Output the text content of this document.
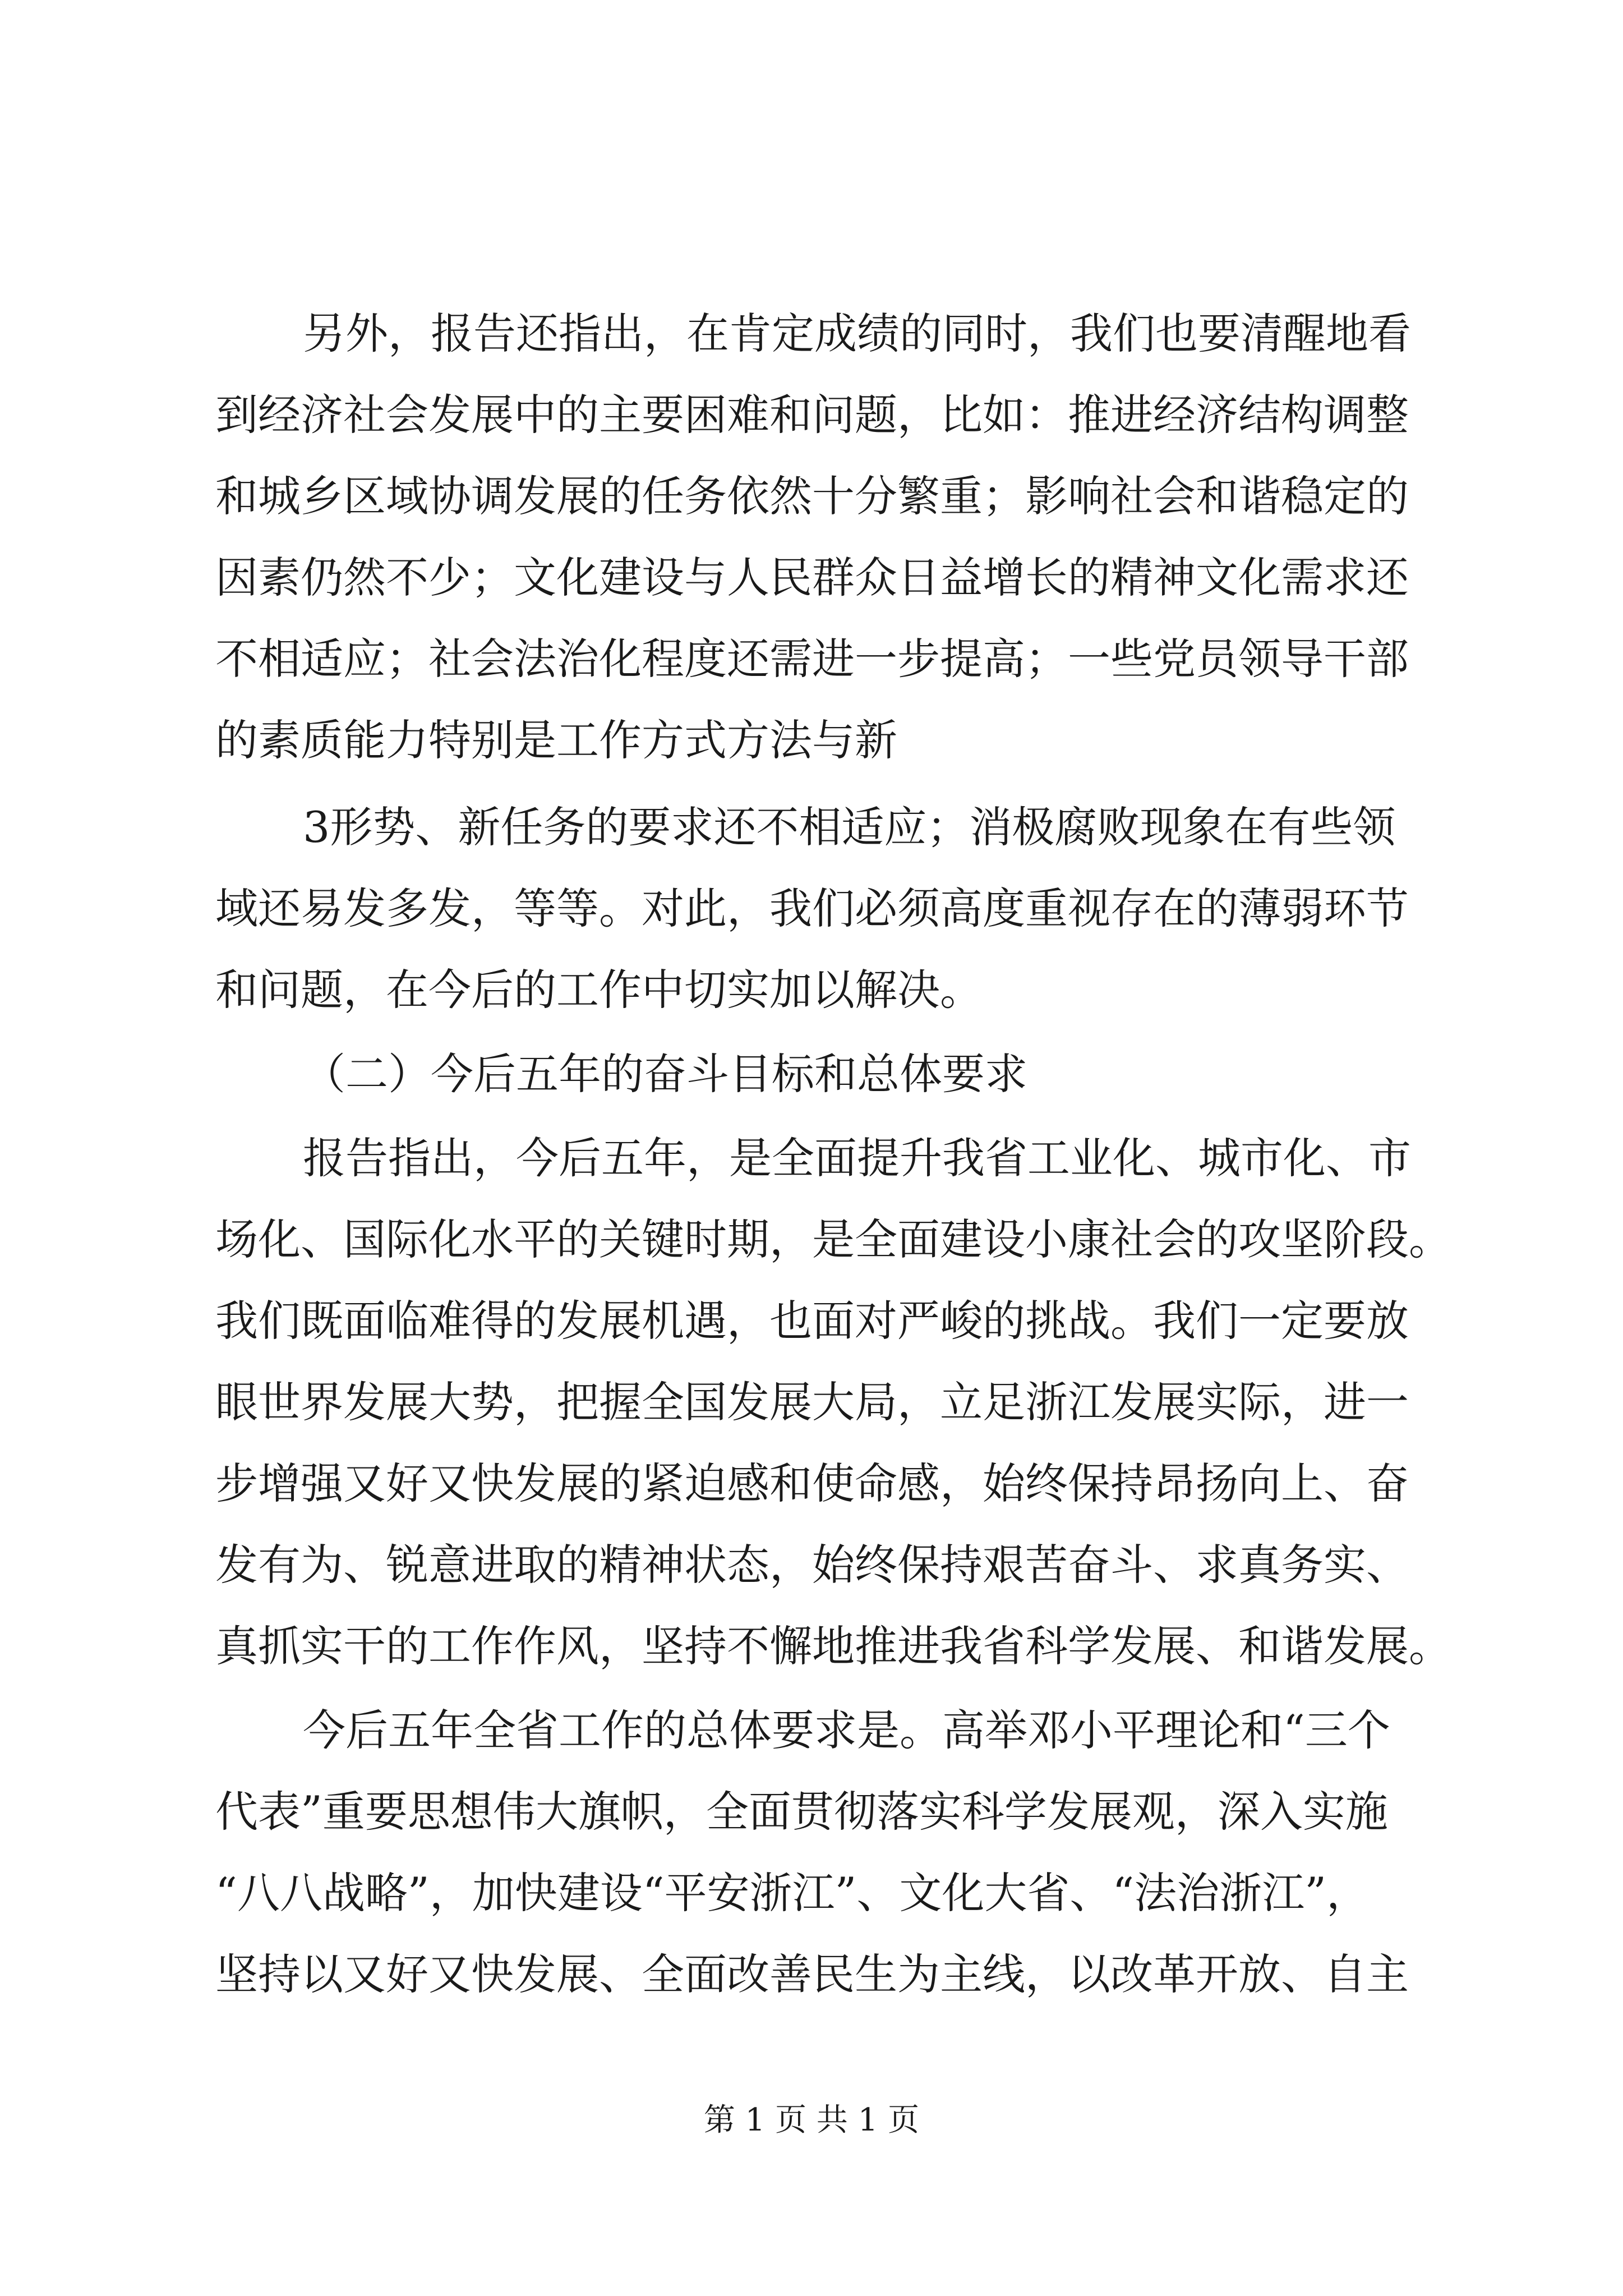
另外，报告还指出，在肯定成绩的同时，我们也要清醒地看
到经济社会发展中的主要困难和问题，比如：推进经济结构调整
和城乡区域协调发展的任务依然十分繁重；影响社会和谐稳定的
因素仍然不少；文化建设与人民群众日益增长的精神文化需求还
不相适应；社会法治化程度还需进一步提高；一些党员领导干部
的素质能力特别是工作方式方法与新
3形势、新任务的要求还不相适应；消极腐败现象在有些领
域还易发多发，等等。对此，我们必须高度重视存在的薄弱环节
和问题，在今后的工作中切实加以解决。
（二）今后五年的奋斗目标和总体要求
报告指出，今后五年，是全面提升我省工业化、城市化、市
场化、国际化水平的关键时期，是全面建设小康社会的攻坚阶段。
我们既面临难得的发展机遇，也面对严峻的挑战。我们一定要放
眼世界发展大势，把握全国发展大局，立足浙江发展实际，进一
步增强又好又快发展的紧迫感和使命感，始终保持昂扬向上、奋
发有为、锐意进取的精神状态，始终保持艰苦奋斗、求真务实、
真抓实干的工作作风，坚持不懈地推进我省科学发展、和谐发展。
今后五年全省工作的总体要求是。高举邓小平理论和“三个
代表”重要思想伟大旗帜，全面贯彻落实科学发展观，深入实施
“八八战略”，加快建设“平安浙江”、文化大省、“法治浙江”，
坚持以又好又快发展、全面改善民生为主线，以改革开放、自主
第 1 页 共 1 页
